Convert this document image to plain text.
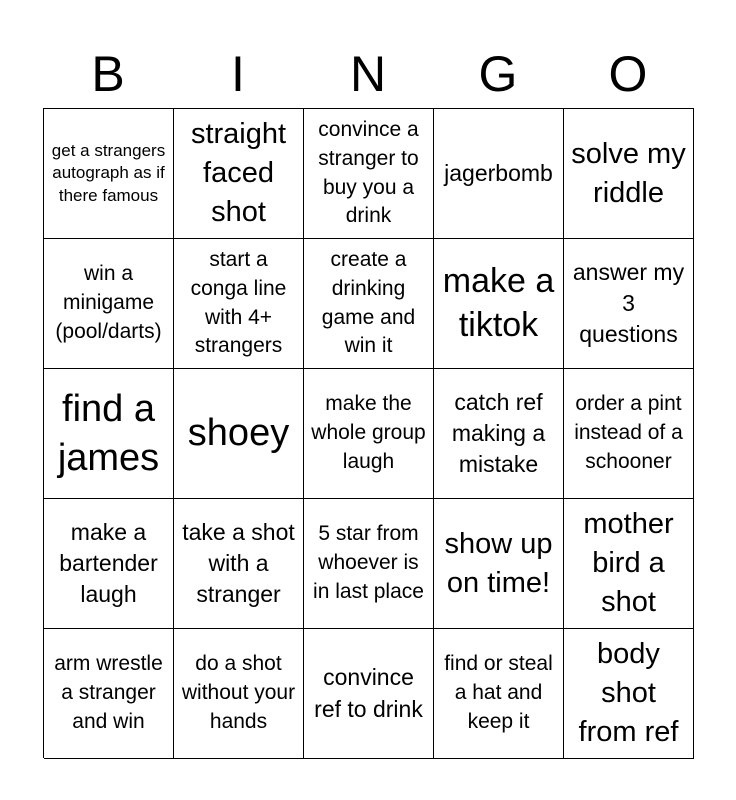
B	I	N	G	O
get a strangers autograph as if there famous
straight faced shot
convince a stranger to buy you a drink
jagerbomb
solve my riddle
win a minigame (pool/darts)
start a conga line with 4+ strangers
create a drinking game and win it
make a tiktok
answer my 3 questions
find a james
shoey
make the whole group laugh
catch ref making a mistake
order a pint instead of a schooner
make a bartender laugh
take a shot with a stranger
5 star from whoever is in last place
show up on time!
mother bird a shot
arm wrestle a stranger and win
do a shot without your hands
convince ref to drink
find or steal a hat and keep it
body shot from ref
